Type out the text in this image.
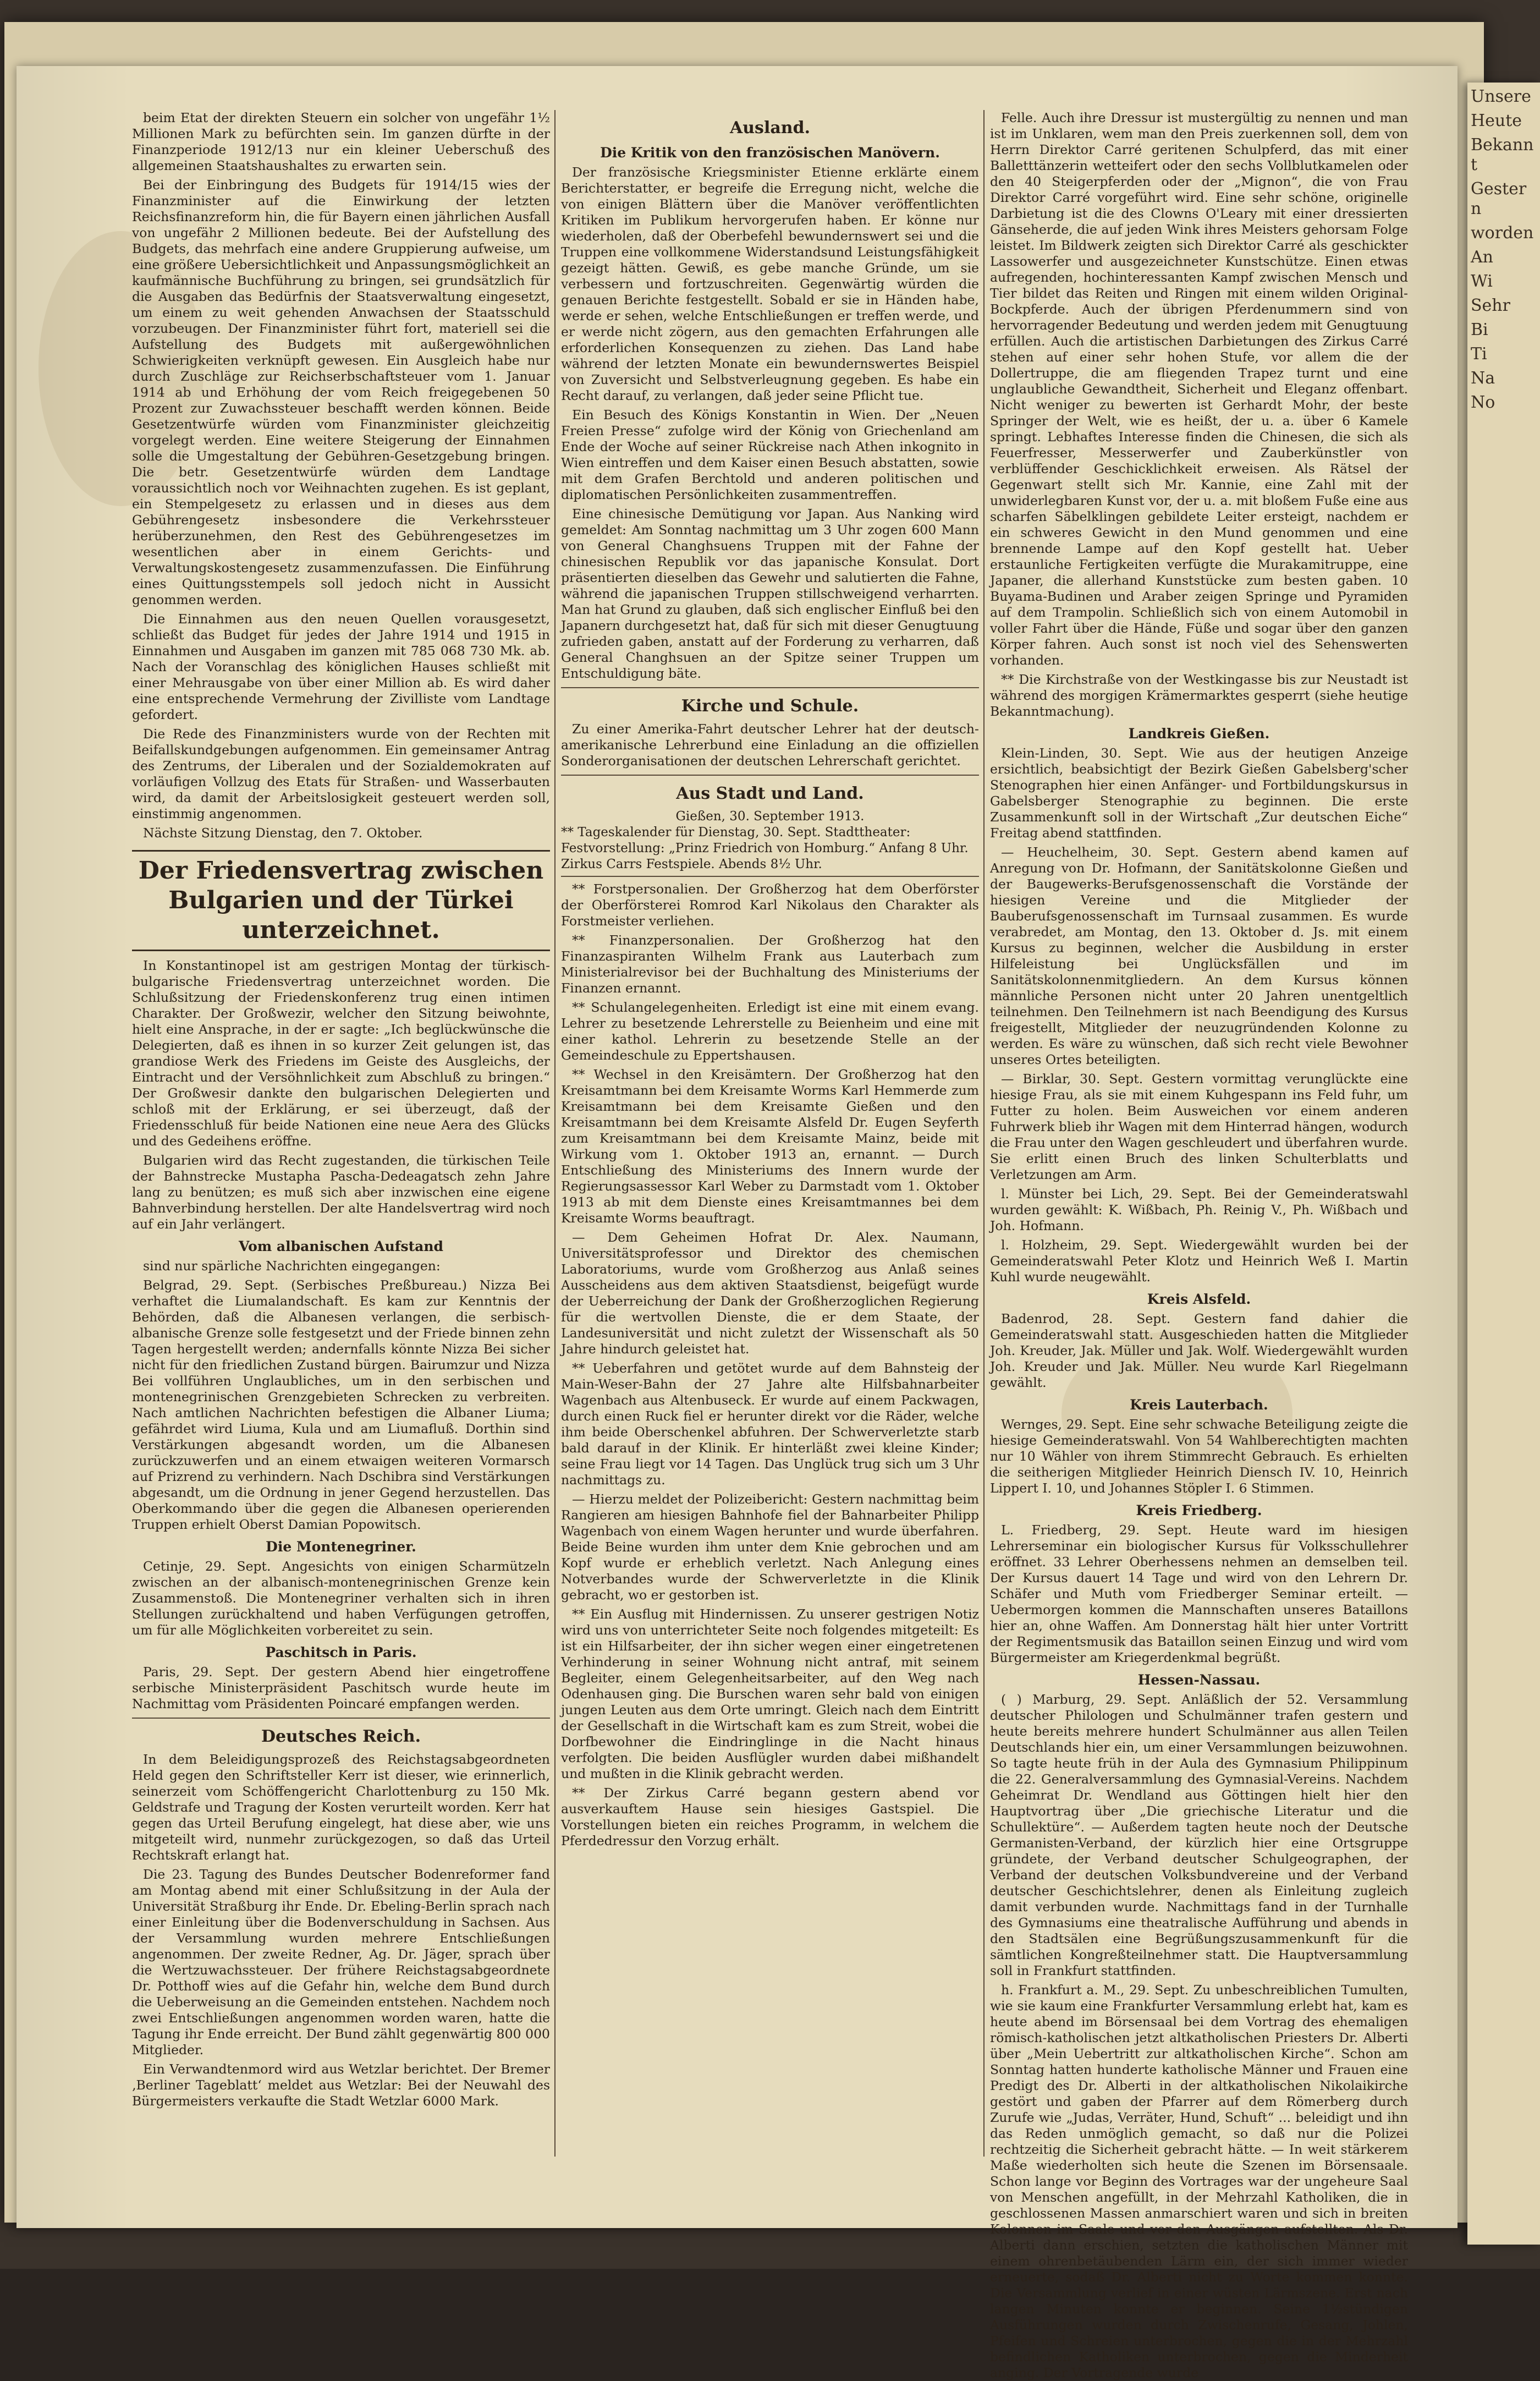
Unsere

Heute

Bekannt

Gestern

worden

An

Wi

Sehr

Bi

Ti

Na

No

beim Etat der direkten Steuern ein solcher von ungefähr 1½ Millionen Mark zu befürchten sein. Im ganzen dürfte in der Finanzperiode 1912/13 nur ein kleiner Ueberschuß des allgemeinen Staatshaushaltes zu erwarten sein.

Bei der Einbringung des Budgets für 1914/15 wies der Finanzminister auf die Einwirkung der letzten Reichsfinanzreform hin, die für Bayern einen jährlichen Ausfall von ungefähr 2 Millionen bedeute. Bei der Aufstellung des Budgets, das mehrfach eine andere Gruppierung aufweise, um eine größere Uebersichtlichkeit und Anpassungsmöglichkeit an kaufmännische Buchführung zu bringen, sei grundsätzlich für die Ausgaben das Bedürfnis der Staatsverwaltung eingesetzt, um einem zu weit gehenden Anwachsen der Staatsschuld vorzubeugen. Der Finanzminister führt fort, materiell sei die Aufstellung des Budgets mit außergewöhnlichen Schwierigkeiten verknüpft gewesen. Ein Ausgleich habe nur durch Zuschläge zur Reichserbschaftsteuer vom 1. Januar 1914 ab und Erhöhung der vom Reich freigegebenen 50 Prozent zur Zuwachssteuer beschafft werden können. Beide Gesetzentwürfe würden vom Finanzminister gleichzeitig vorgelegt werden. Eine weitere Steigerung der Einnahmen solle die Umgestaltung der Gebühren-Gesetzgebung bringen. Die betr. Gesetzentwürfe würden dem Landtage voraussichtlich noch vor Weihnachten zugehen. Es ist geplant, ein Stempelgesetz zu erlassen und in dieses aus dem Gebührengesetz insbesondere die Verkehrssteuer herüberzunehmen, den Rest des Gebührengesetzes im wesentlichen aber in einem Gerichts- und Verwaltungskostengesetz zusammenzufassen. Die Einführung eines Quittungsstempels soll jedoch nicht in Aussicht genommen werden.

Die Einnahmen aus den neuen Quellen vorausgesetzt, schließt das Budget für jedes der Jahre 1914 und 1915 in Einnahmen und Ausgaben im ganzen mit 785 068 730 Mk. ab. Nach der Voranschlag des königlichen Hauses schließt mit einer Mehrausgabe von über einer Million ab. Es wird daher eine entsprechende Vermehrung der Zivilliste vom Landtage gefordert.

Die Rede des Finanzministers wurde von der Rechten mit Beifallskundgebungen aufgenommen. Ein gemeinsamer Antrag des Zentrums, der Liberalen und der Sozialdemokraten auf vorläufigen Vollzug des Etats für Straßen- und Wasserbauten wird, da damit der Arbeitslosigkeit gesteuert werden soll, einstimmig angenommen.

Nächste Sitzung Dienstag, den 7. Oktober.

Der Friedensvertrag zwischen Bulgarien und der Türkei unterzeichnet.

In Konstantinopel ist am gestrigen Montag der türkisch-bulgarische Friedensvertrag unterzeichnet worden. Die Schlußsitzung der Friedenskonferenz trug einen intimen Charakter. Der Großwezir, welcher den Sitzung beiwohnte, hielt eine Ansprache, in der er sagte: „Ich beglückwünsche die Delegierten, daß es ihnen in so kurzer Zeit gelungen ist, das grandiose Werk des Friedens im Geiste des Ausgleichs, der Eintracht und der Versöhnlichkeit zum Abschluß zu bringen.“ Der Großwesir dankte den bulgarischen Delegierten und schloß mit der Erklärung, er sei überzeugt, daß der Friedensschluß für beide Nationen eine neue Aera des Glücks und des Gedeihens eröffne.

Bulgarien wird das Recht zugestanden, die türkischen Teile der Bahnstrecke Mustapha Pascha-Dedeagatsch zehn Jahre lang zu benützen; es muß sich aber inzwischen eine eigene Bahnverbindung herstellen. Der alte Handelsvertrag wird noch auf ein Jahr verlängert.

Vom albanischen Aufstand

sind nur spärliche Nachrichten eingegangen:

Belgrad, 29. Sept. (Serbisches Preßbureau.) Nizza Bei verhaftet die Liumalandschaft. Es kam zur Kenntnis der Behörden, daß die Albanesen verlangen, die serbisch-albanische Grenze solle festgesetzt und der Friede binnen zehn Tagen hergestellt werden; andernfalls könnte Nizza Bei sicher nicht für den friedlichen Zustand bürgen. Bairumzur und Nizza Bei vollführen Unglaubliches, um in den serbischen und montenegrinischen Grenzgebieten Schrecken zu verbreiten. Nach amtlichen Nachrichten befestigen die Albaner Liuma; gefährdet wird Liuma, Kula und am Liumafluß. Dorthin sind Verstärkungen abgesandt worden, um die Albanesen zurückzuwerfen und an einem etwaigen weiteren Vormarsch auf Prizrend zu verhindern. Nach Dschibra sind Verstärkungen abgesandt, um die Ordnung in jener Gegend herzustellen. Das Oberkommando über die gegen die Albanesen operierenden Truppen erhielt Oberst Damian Popowitsch.

Die Montenegriner.

Cetinje, 29. Sept. Angesichts von einigen Scharmützeln zwischen an der albanisch-montenegrinischen Grenze kein Zusammenstoß. Die Montenegriner verhalten sich in ihren Stellungen zurückhaltend und haben Verfügungen getroffen, um für alle Möglichkeiten vorbereitet zu sein.

Paschitsch in Paris.

Paris, 29. Sept. Der gestern Abend hier eingetroffene serbische Ministerpräsident Paschitsch wurde heute im Nachmittag vom Präsidenten Poincaré empfangen werden.

Deutsches Reich.

In dem Beleidigungsprozeß des Reichstagsabgeordneten Held gegen den Schriftsteller Kerr ist dieser, wie erinnerlich, seinerzeit vom Schöffengericht Charlottenburg zu 150 Mk. Geldstrafe und Tragung der Kosten verurteilt worden. Kerr hat gegen das Urteil Berufung eingelegt, hat diese aber, wie uns mitgeteilt wird, nunmehr zurückgezogen, so daß das Urteil Rechtskraft erlangt hat.

Die 23. Tagung des Bundes Deutscher Bodenreformer fand am Montag abend mit einer Schlußsitzung in der Aula der Universität Straßburg ihr Ende. Dr. Ebeling-Berlin sprach nach einer Einleitung über die Bodenverschuldung in Sachsen. Aus der Versammlung wurden mehrere Entschließungen angenommen. Der zweite Redner, Ag. Dr. Jäger, sprach über die Wertzuwachssteuer. Der frühere Reichstagsabgeordnete Dr. Potthoff wies auf die Gefahr hin, welche dem Bund durch die Ueberweisung an die Gemeinden entstehen. Nachdem noch zwei Entschließungen angenommen worden waren, hatte die Tagung ihr Ende erreicht. Der Bund zählt gegenwärtig 800 000 Mitglieder.

Ein Verwandtenmord wird aus Wetzlar berichtet. Der Bremer ‚Berliner Tageblatt‘ meldet aus Wetzlar: Bei der Neuwahl des Bürgermeisters verkaufte die Stadt Wetzlar 6000 Mark.

Ausland.
Die Kritik von den französischen Manövern.

Der französische Kriegsminister Etienne erklärte einem Berichterstatter, er begreife die Erregung nicht, welche die von einigen Blättern über die Manöver veröffentlichten Kritiken im Publikum hervorgerufen haben. Er könne nur wiederholen, daß der Oberbefehl bewundernswert sei und die Truppen eine vollkommene Widerstandsund Leistungsfähigkeit gezeigt hätten. Gewiß, es gebe manche Gründe, um sie verbessern und fortzuschreiten. Gegenwärtig würden die genauen Berichte festgestellt. Sobald er sie in Händen habe, werde er sehen, welche Entschließungen er treffen werde, und er werde nicht zögern, aus den gemachten Erfahrungen alle erforderlichen Konsequenzen zu ziehen. Das Land habe während der letzten Monate ein bewundernswertes Beispiel von Zuversicht und Selbstverleugnung gegeben. Es habe ein Recht darauf, zu verlangen, daß jeder seine Pflicht tue.

Ein Besuch des Königs Konstantin in Wien. Der „Neuen Freien Presse“ zufolge wird der König von Griechenland am Ende der Woche auf seiner Rückreise nach Athen inkognito in Wien eintreffen und dem Kaiser einen Besuch abstatten, sowie mit dem Grafen Berchtold und anderen politischen und diplomatischen Persönlichkeiten zusammentreffen.

Eine chinesische Demütigung vor Japan. Aus Nanking wird gemeldet: Am Sonntag nachmittag um 3 Uhr zogen 600 Mann von General Changhsuens Truppen mit der Fahne der chinesischen Republik vor das japanische Konsulat. Dort präsentierten dieselben das Gewehr und salutierten die Fahne, während die japanischen Truppen stillschweigend verharrten. Man hat Grund zu glauben, daß sich englischer Einfluß bei den Japanern durchgesetzt hat, daß für sich mit dieser Genugtuung zufrieden gaben, anstatt auf der Forderung zu verharren, daß General Changhsuen an der Spitze seiner Truppen um Entschuldigung bäte.

Kirche und Schule.

Zu einer Amerika-Fahrt deutscher Lehrer hat der deutsch-amerikanische Lehrerbund eine Einladung an die offiziellen Sonderorganisationen der deutschen Lehrerschaft gerichtet.

Aus Stadt und Land.
Gießen, 30. September 1913.
** Tageskalender für Dienstag, 30. Sept. Stadttheater: Festvorstellung: „Prinz Friedrich von Homburg.“ Anfang 8 Uhr.
Zirkus Carrs Festspiele. Abends 8½ Uhr.

** Forstpersonalien. Der Großherzog hat dem Oberförster der Oberförsterei Romrod Karl Nikolaus den Charakter als Forstmeister verliehen.

** Finanzpersonalien. Der Großherzog hat den Finanzaspiranten Wilhelm Frank aus Lauterbach zum Ministerialrevisor bei der Buchhaltung des Ministeriums der Finanzen ernannt.

** Schulangelegenheiten. Erledigt ist eine mit einem evang. Lehrer zu besetzende Lehrerstelle zu Beienheim und eine mit einer kathol. Lehrerin zu besetzende Stelle an der Gemeindeschule zu Eppertshausen.

** Wechsel in den Kreisämtern. Der Großherzog hat den Kreisamtmann bei dem Kreisamte Worms Karl Hemmerde zum Kreisamtmann bei dem Kreisamte Gießen und den Kreisamtmann bei dem Kreisamte Alsfeld Dr. Eugen Seyferth zum Kreisamtmann bei dem Kreisamte Mainz, beide mit Wirkung vom 1. Oktober 1913 an, ernannt. — Durch Entschließung des Ministeriums des Innern wurde der Regierungsassessor Karl Weber zu Darmstadt vom 1. Oktober 1913 ab mit dem Dienste eines Kreisamtmannes bei dem Kreisamte Worms beauftragt.

— Dem Geheimen Hofrat Dr. Alex. Naumann, Universitätsprofessor und Direktor des chemischen Laboratoriums, wurde vom Großherzog aus Anlaß seines Ausscheidens aus dem aktiven Staatsdienst, beigefügt wurde der Ueberreichung der Dank der Großherzoglichen Regierung für die wertvollen Dienste, die er dem Staate, der Landesuniversität und nicht zuletzt der Wissenschaft als 50 Jahre hindurch geleistet hat.

** Ueberfahren und getötet wurde auf dem Bahnsteig der Main-Weser-Bahn der 27 Jahre alte Hilfsbahnarbeiter Wagenbach aus Altenbuseck. Er wurde auf einem Packwagen, durch einen Ruck fiel er herunter direkt vor die Räder, welche ihm beide Oberschenkel abfuhren. Der Schwerverletzte starb bald darauf in der Klinik. Er hinterläßt zwei kleine Kinder; seine Frau liegt vor 14 Tagen. Das Unglück trug sich um 3 Uhr nachmittags zu.

— Hierzu meldet der Polizeibericht: Gestern nachmittag beim Rangieren am hiesigen Bahnhofe fiel der Bahnarbeiter Philipp Wagenbach von einem Wagen herunter und wurde überfahren. Beide Beine wurden ihm unter dem Knie gebrochen und am Kopf wurde er erheblich verletzt. Nach Anlegung eines Notverbandes wurde der Schwerverletzte in die Klinik gebracht, wo er gestorben ist.

** Ein Ausflug mit Hindernissen. Zu unserer gestrigen Notiz wird uns von unterrichteter Seite noch folgendes mitgeteilt: Es ist ein Hilfsarbeiter, der ihn sicher wegen einer eingetretenen Verhinderung in seiner Wohnung nicht antraf, mit seinem Begleiter, einem Gelegenheitsarbeiter, auf den Weg nach Odenhausen ging. Die Burschen waren sehr bald von einigen jungen Leuten aus dem Orte umringt. Gleich nach dem Eintritt der Gesellschaft in die Wirtschaft kam es zum Streit, wobei die Dorfbewohner die Eindringlinge in die Nacht hinaus verfolgten. Die beiden Ausflügler wurden dabei mißhandelt und mußten in die Klinik gebracht werden.

** Der Zirkus Carré begann gestern abend vor ausverkauftem Hause sein hiesiges Gastspiel. Die Vorstellungen bieten ein reiches Programm, in welchem die Pferdedressur den Vorzug erhält.

Felle. Auch ihre Dressur ist mustergültig zu nennen und man ist im Unklaren, wem man den Preis zuerkennen soll, dem von Herrn Direktor Carré geritenen Schulpferd, das mit einer Balletttänzerin wetteifert oder den sechs Vollblutkamelen oder den 40 Steigerpferden oder der „Mignon“, die von Frau Direktor Carré vorgeführt wird. Eine sehr schöne, originelle Darbietung ist die des Clowns O'Leary mit einer dressierten Gänseherde, die auf jeden Wink ihres Meisters gehorsam Folge leistet. Im Bildwerk zeigten sich Direktor Carré als geschickter Lassowerfer und ausgezeichneter Kunstschütze. Einen etwas aufregenden, hochinteressanten Kampf zwischen Mensch und Tier bildet das Reiten und Ringen mit einem wilden Original-Bockpferde. Auch der übrigen Pferdenummern sind von hervorragender Bedeutung und werden jedem mit Genugtuung erfüllen. Auch die artistischen Darbietungen des Zirkus Carré stehen auf einer sehr hohen Stufe, vor allem die der Dollertruppe, die am fliegenden Trapez turnt und eine unglaubliche Gewandtheit, Sicherheit und Eleganz offenbart. Nicht weniger zu bewerten ist Gerhardt Mohr, der beste Springer der Welt, wie es heißt, der u. a. über 6 Kamele springt. Lebhaftes Interesse finden die Chinesen, die sich als Feuerfresser, Messerwerfer und Zauberkünstler von verblüffender Geschicklichkeit erweisen. Als Rätsel der Gegenwart stellt sich Mr. Kannie, eine Zahl mit der unwiderlegbaren Kunst vor, der u. a. mit bloßem Fuße eine aus scharfen Säbelklingen gebildete Leiter ersteigt, nachdem er ein schweres Gewicht in den Mund genommen und eine brennende Lampe auf den Kopf gestellt hat. Ueber erstaunliche Fertigkeiten verfügte die Murakamitruppe, eine Japaner, die allerhand Kunststücke zum besten gaben. 10 Buyama-Budinen und Araber zeigen Springe und Pyramiden auf dem Trampolin. Schließlich sich von einem Automobil in voller Fahrt über die Hände, Füße und sogar über den ganzen Körper fahren. Auch sonst ist noch viel des Sehenswerten vorhanden.

** Die Kirchstraße von der Westkingasse bis zur Neustadt ist während des morgigen Krämermarktes gesperrt (siehe heutige Bekanntmachung).

Landkreis Gießen.

Klein-Linden, 30. Sept. Wie aus der heutigen Anzeige ersichtlich, beabsichtigt der Bezirk Gießen Gabelsberg'scher Stenographen hier einen Anfänger- und Fortbildungskursus in Gabelsberger Stenographie zu beginnen. Die erste Zusammenkunft soll in der Wirtschaft „Zur deutschen Eiche“ Freitag abend stattfinden.

— Heuchelheim, 30. Sept. Gestern abend kamen auf Anregung von Dr. Hofmann, der Sanitätskolonne Gießen und der Baugewerks-Berufsgenossenschaft die Vorstände der hiesigen Vereine und die Mitglieder der Bauberufsgenossenschaft im Turnsaal zusammen. Es wurde verabredet, am Montag, den 13. Oktober d. Js. mit einem Kursus zu beginnen, welcher die Ausbildung in erster Hilfeleistung bei Unglücksfällen und im Sanitätskolonnenmitgliedern. An dem Kursus können männliche Personen nicht unter 20 Jahren unentgeltlich teilnehmen. Den Teilnehmern ist nach Beendigung des Kursus freigestellt, Mitglieder der neuzugründenden Kolonne zu werden. Es wäre zu wünschen, daß sich recht viele Bewohner unseres Ortes beteiligten.

— Birklar, 30. Sept. Gestern vormittag verunglückte eine hiesige Frau, als sie mit einem Kuhgespann ins Feld fuhr, um Futter zu holen. Beim Ausweichen vor einem anderen Fuhrwerk blieb ihr Wagen mit dem Hinterrad hängen, wodurch die Frau unter den Wagen geschleudert und überfahren wurde. Sie erlitt einen Bruch des linken Schulterblatts und Verletzungen am Arm.

l. Münster bei Lich, 29. Sept. Bei der Gemeinderatswahl wurden gewählt: K. Wißbach, Ph. Reinig V., Ph. Wißbach und Joh. Hofmann.

l. Holzheim, 29. Sept. Wiedergewählt wurden bei der Gemeinderatswahl Peter Klotz und Heinrich Weß I. Martin Kuhl wurde neugewählt.

Kreis Alsfeld.

Badenrod, 28. Sept. Gestern fand dahier die Gemeinderatswahl statt. Ausgeschieden hatten die Mitglieder Joh. Kreuder, Jak. Müller und Jak. Wolf. Wiedergewählt wurden Joh. Kreuder und Jak. Müller. Neu wurde Karl Riegelmann gewählt.

Kreis Lauterbach.

Wernges, 29. Sept. Eine sehr schwache Beteiligung zeigte die hiesige Gemeinderatswahl. Von 54 Wahlberechtigten machten nur 10 Wähler von ihrem Stimmrecht Gebrauch. Es erhielten die seitherigen Mitglieder Heinrich Diensch IV. 10, Heinrich Lippert I. 10, und Johannes Stöpler I. 6 Stimmen.

Kreis Friedberg.

L. Friedberg, 29. Sept. Heute ward im hiesigen Lehrerseminar ein biologischer Kursus für Volksschullehrer eröffnet. 33 Lehrer Oberhessens nehmen an demselben teil. Der Kursus dauert 14 Tage und wird von den Lehrern Dr. Schäfer und Muth vom Friedberger Seminar erteilt. — Uebermorgen kommen die Mannschaften unseres Bataillons hier an, ohne Waffen. Am Donnerstag hält hier unter Vortritt der Regimentsmusik das Bataillon seinen Einzug und wird vom Bürgermeister am Kriegerdenkmal begrüßt.

Hessen-Nassau.

( ) Marburg, 29. Sept. Anläßlich der 52. Versammlung deutscher Philologen und Schulmänner trafen gestern und heute bereits mehrere hundert Schulmänner aus allen Teilen Deutschlands hier ein, um einer Versammlungen beizuwohnen. So tagte heute früh in der Aula des Gymnasium Philippinum die 22. Generalversammlung des Gymnasial-Vereins. Nachdem Geheimrat Dr. Wendland aus Göttingen hielt hier den Hauptvortrag über „Die griechische Literatur und die Schullektüre“. — Außerdem tagten heute noch der Deutsche Germanisten-Verband, der kürzlich hier eine Ortsgruppe gründete, der Verband deutscher Schulgeographen, der Verband der deutschen Volksbundvereine und der Verband deutscher Geschichtslehrer, denen als Einleitung zugleich damit verbunden wurde. Nachmittags fand in der Turnhalle des Gymnasiums eine theatralische Aufführung und abends in den Stadtsälen eine Begrüßungszusammenkunft für die sämtlichen Kongreßteilnehmer statt. Die Hauptversammlung soll in Frankfurt stattfinden.

h. Frankfurt a. M., 29. Sept. Zu unbeschreiblichen Tumulten, wie sie kaum eine Frankfurter Versammlung erlebt hat, kam es heute abend im Börsensaal bei dem Vortrag des ehemaligen römisch-katholischen jetzt altkatholischen Priesters Dr. Alberti über „Mein Uebertritt zur altkatholischen Kirche“. Schon am Sonntag hatten hunderte katholische Männer und Frauen eine Predigt des Dr. Alberti in der altkatholischen Nikolaikirche gestört und gaben der Pfarrer auf dem Römerberg durch Zurufe wie „Judas, Verräter, Hund, Schuft“ ... beleidigt und ihn das Reden unmöglich gemacht, so daß nur die Polizei rechtzeitig die Sicherheit gebracht hätte. — In weit stärkerem Maße wiederholten sich heute die Szenen im Börsensaale. Schon lange vor Beginn des Vortrages war der ungeheure Saal von Menschen angefüllt, in der Mehrzahl Katholiken, die in geschlossenen Massen anmarschiert waren und sich in breiten Kolonnen im Saale und vor den Ausgängen aufstellten. Als Dr. Alberti dann erschien, setzten die katholischen Männer mit einem ohrenbetäubenden Lärm ein, der sich immer wieder erneuerte, sodaß Dr. Alberti nicht zu Worte kommen konnte. Die Versammlung verlief in einer wüsten Lärmszene. Erst nach langen Minuten konnte er beginnen. Seine 1½stündigen Ausführungen wurden durch Zwischenrufe, Gesang, Johlen, Pfeifen und Schreien unterbrochen, gegen die in der Mehrzahl befindlichen Katholiken unterbrochen, gegen die Minderheit anging. Der Vortragende wurde
